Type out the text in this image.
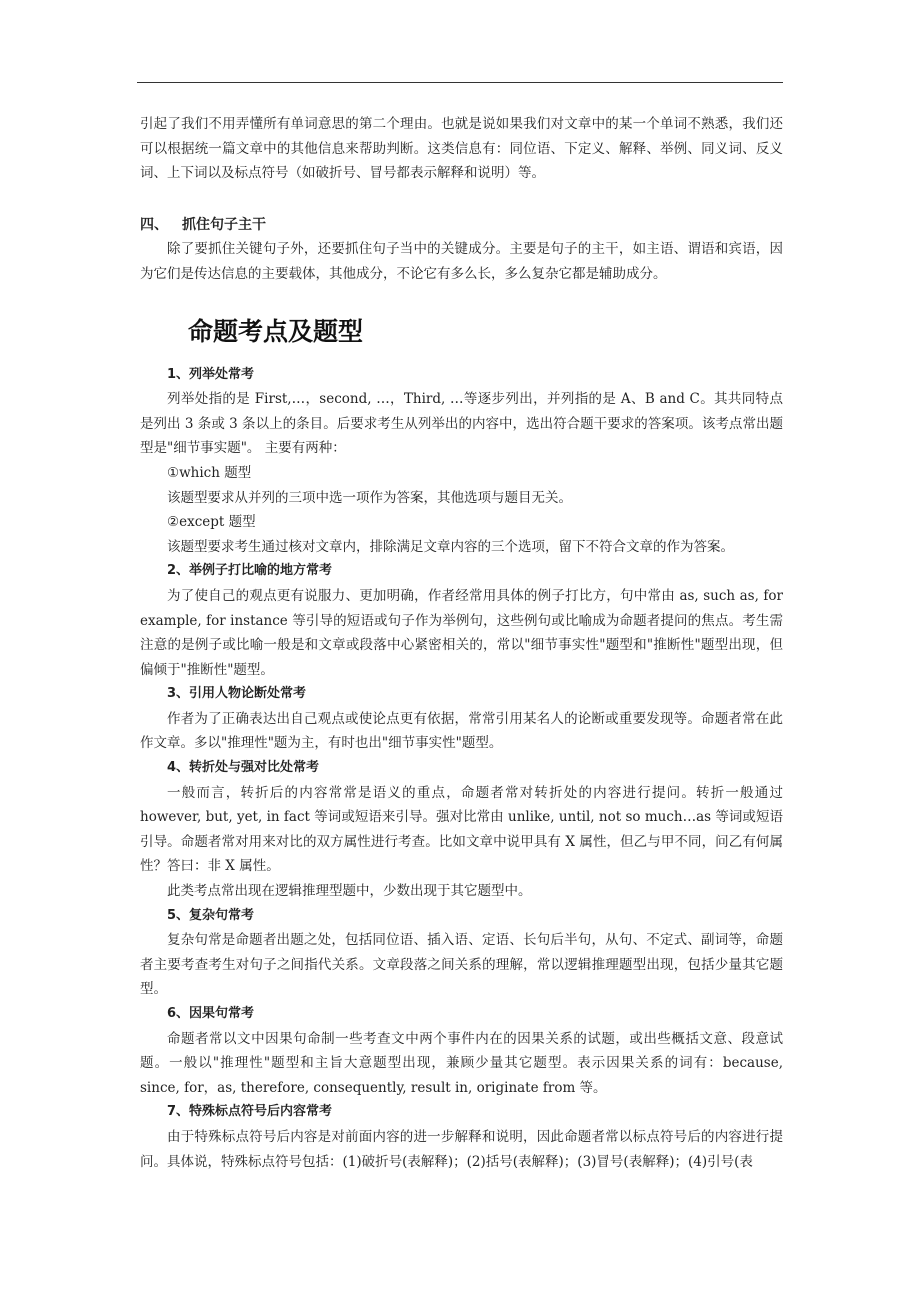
引起了我们不用弄懂所有单词意思的第二个理由。也就是说如果我们对文章中的某一个单词不熟悉，我们还可以根据统一篇文章中的其他信息来帮助判断。这类信息有：同位语、下定义、解释、举例、同义词、反义词、上下词以及标点符号（如破折号、冒号都表示解释和说明）等。

四、 抓住句子主干

除了要抓住关键句子外，还要抓住句子当中的关键成分。主要是句子的主干，如主语、谓语和宾语，因为它们是传达信息的主要载体，其他成分，不论它有多么长，多么复杂它都是辅助成分。

命题考点及题型
1、列举处常考

列举处指的是 First,…，second, …，Third, …等逐步列出，并列指的是 A、B and C。其共同特点是列出 3 条或 3 条以上的条目。后要求考生从列举出的内容中，选出符合题干要求的答案项。该考点常出题型是"细节事实题"。 主要有两种：

①which 题型

该题型要求从并列的三项中选一项作为答案，其他选项与题目无关。

②except 题型

该题型要求考生通过核对文章内，排除满足文章内容的三个选项，留下不符合文章的作为答案。

2、举例子打比喻的地方常考

为了使自己的观点更有说服力、更加明确，作者经常用具体的例子打比方，句中常由 as, such as, for example, for instance 等引导的短语或句子作为举例句，这些例句或比喻成为命题者提问的焦点。考生需注意的是例子或比喻一般是和文章或段落中心紧密相关的，常以"细节事实性"题型和"推断性"题型出现，但偏倾于"推断性"题型。

3、引用人物论断处常考

作者为了正确表达出自己观点或使论点更有依据，常常引用某名人的论断或重要发现等。命题者常在此作文章。多以"推理性"题为主，有时也出"细节事实性"题型。

4、转折处与强对比处常考

一般而言，转折后的内容常常是语义的重点，命题者常对转折处的内容进行提问。转折一般通过 however, but, yet, in fact 等词或短语来引导。强对比常由 unlike, until, not so much…as 等词或短语引导。命题者常对用来对比的双方属性进行考查。比如文章中说甲具有 X 属性，但乙与甲不同，问乙有何属性？答曰：非 X 属性。

此类考点常出现在逻辑推理型题中，少数出现于其它题型中。

5、复杂句常考

复杂句常是命题者出题之处，包括同位语、插入语、定语、长句后半句，从句、不定式、副词等，命题者主要考查考生对句子之间指代关系。文章段落之间关系的理解，常以逻辑推理题型出现，包括少量其它题型。

6、因果句常考

命题者常以文中因果句命制一些考查文中两个事件内在的因果关系的试题，或出些概括文意、段意试题。一般以"推理性"题型和主旨大意题型出现，兼顾少量其它题型。表示因果关系的词有：because, since, for，as, therefore, consequently, result in, originate from 等。

7、特殊标点符号后内容常考

由于特殊标点符号后内容是对前面内容的进一步解释和说明，因此命题者常以标点符号后的内容进行提问。具体说，特殊标点符号包括：(1)破折号(表解释)；(2)括号(表解释)；(3)冒号(表解释)；(4)引号(表
